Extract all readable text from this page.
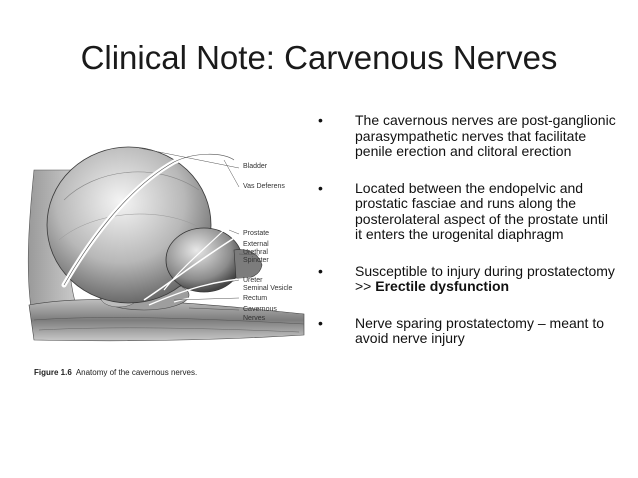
Clinical Note: Carvenous Nerves
Bladder
Vas Deferens
Prostate
External
Urethral
Spincter
Ureter
Seminal Vesicle
Rectum
Cavernous
Nerves
Figure 1.6 Anatomy of the cavernous nerves.
• The cavernous nerves are post-ganglionic parasympathetic nerves that facilitate penile erection and clitoral erection
• Located between the endopelvic and prostatic fasciae and runs along the posterolateral aspect of the prostate until it enters the urogenital diaphragm
• Susceptible to injury during prostatectomy >> Erectile dysfunction
• Nerve sparing prostatectomy – meant to avoid nerve injury
